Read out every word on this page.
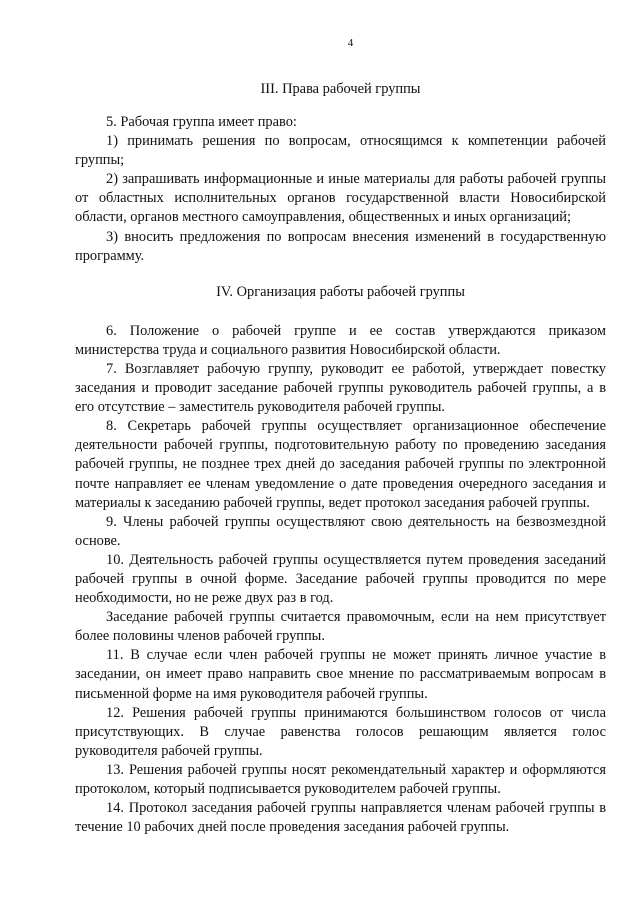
4
III. Права рабочей группы

5. Рабочая группа имеет право:

1) принимать решения по вопросам, относящимся к компетенции рабочей группы;

2) запрашивать информационные и иные материалы для работы рабочей группы от областных исполнительных органов государственной власти Новосибирской области, органов местного самоуправления, общественных и иных организаций;

3) вносить предложения по вопросам внесения изменений в государственную программу.

IV. Организация работы рабочей группы

6. Положение о рабочей группе и ее состав утверждаются приказом министерства труда и социального развития Новосибирской области.

7. Возглавляет рабочую группу, руководит ее работой, утверждает повестку заседания и проводит заседание рабочей группы руководитель рабочей группы, а в его отсутствие – заместитель руководителя рабочей группы.

8. Секретарь рабочей группы осуществляет организационное обеспечение деятельности рабочей группы, подготовительную работу по проведению заседания рабочей группы, не позднее трех дней до заседания рабочей группы по электронной почте направляет ее членам уведомление о дате проведения очередного заседания и материалы к заседанию рабочей группы, ведет протокол заседания рабочей группы.

9. Члены рабочей группы осуществляют свою деятельность на безвозмездной основе.

10. Деятельность рабочей группы осуществляется путем проведения заседаний рабочей группы в очной форме. Заседание рабочей группы проводится по мере необходимости, но не реже двух раз в год.

Заседание рабочей группы считается правомочным, если на нем присутствует более половины членов рабочей группы.

11. В случае если член рабочей группы не может принять личное участие в заседании, он имеет право направить свое мнение по рассматриваемым вопросам в письменной форме на имя руководителя рабочей группы.

12. Решения рабочей группы принимаются большинством голосов от числа присутствующих. В случае равенства голосов решающим является голос руководителя рабочей группы.

13. Решения рабочей группы носят рекомендательный характер и оформляются протоколом, который подписывается руководителем рабочей группы.

14. Протокол заседания рабочей группы направляется членам рабочей группы в течение 10 рабочих дней после проведения заседания рабочей группы.
